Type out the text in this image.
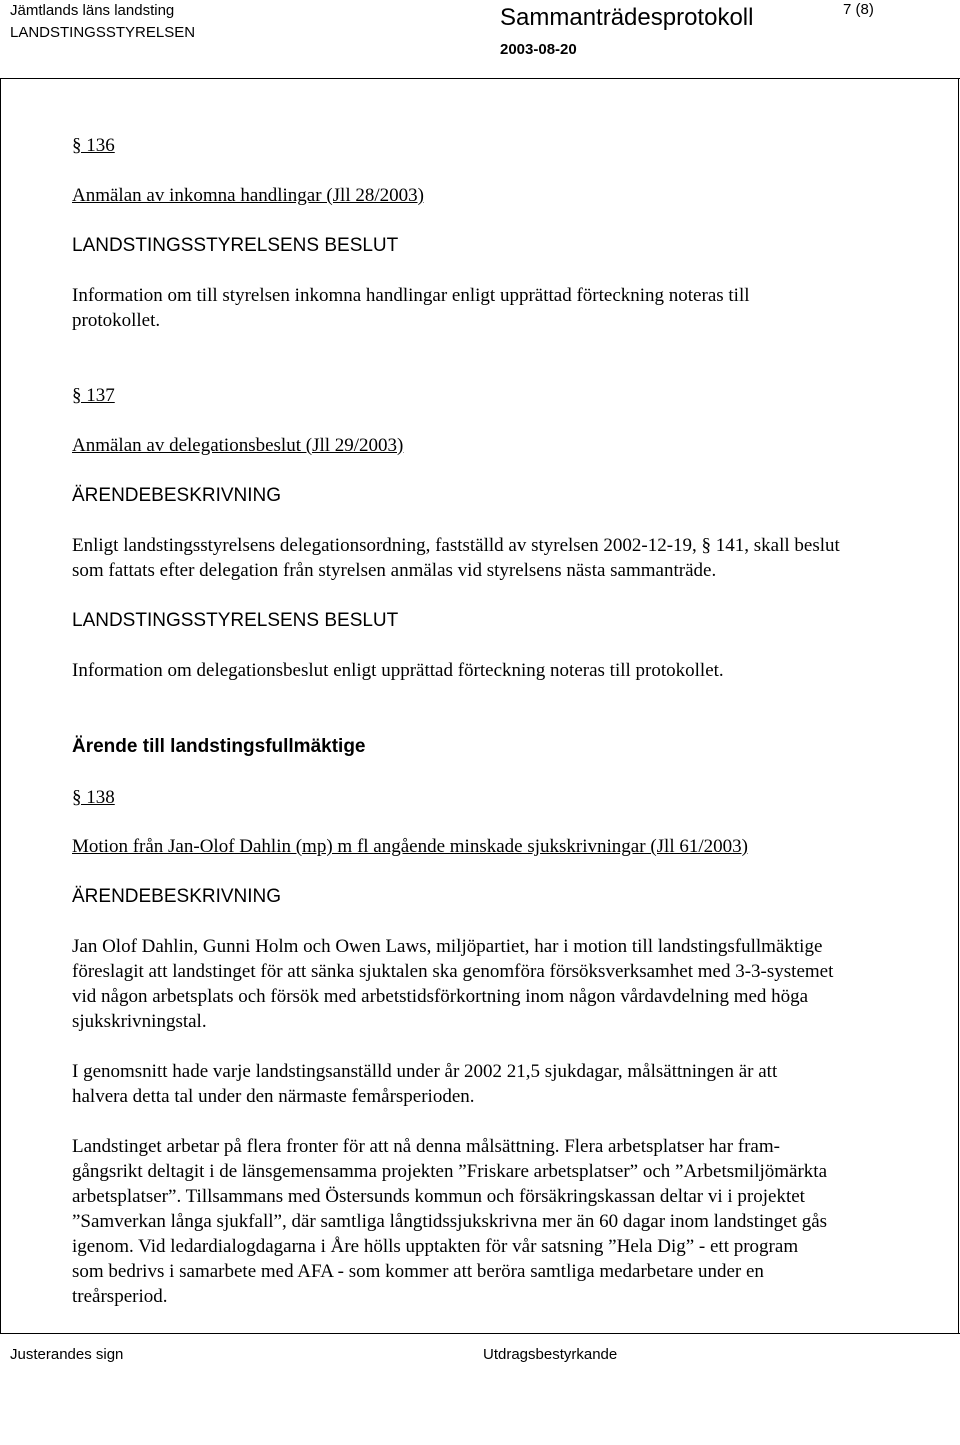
Jämtlands läns landsting
LANDSTINGSSTYRELSEN
Sammanträdesprotokoll
2003-08-20
7 (8)
§ 136
Anmälan av inkomna handlingar (Jll 28/2003)
LANDSTINGSSTYRELSENS BESLUT
Information om till styrelsen inkomna handlingar enligt upprättad förteckning noteras till
protokollet.
§ 137
Anmälan av delegationsbeslut (Jll 29/2003)
ÄRENDEBESKRIVNING
Enligt landstingsstyrelsens delegationsordning, fastställd av styrelsen 2002-12-19, § 141, skall beslut
som fattats efter delegation från styrelsen anmälas vid styrelsens nästa sammanträde.
LANDSTINGSSTYRELSENS BESLUT
Information om delegationsbeslut enligt upprättad förteckning noteras till protokollet.
Ärende till landstingsfullmäktige
§ 138
Motion från Jan-Olof Dahlin (mp) m fl angående minskade sjukskrivningar (Jll 61/2003)
ÄRENDEBESKRIVNING
Jan Olof Dahlin, Gunni Holm och Owen Laws, miljöpartiet, har i motion till landstingsfullmäktige
föreslagit att landstinget för att sänka sjuktalen ska genomföra försöksverksamhet med 3-3-systemet
vid någon arbetsplats och försök med arbetstidsförkortning inom någon vårdavdelning med höga
sjukskrivningstal.
I genomsnitt hade varje landstingsanställd under år 2002 21,5 sjukdagar, målsättningen är att
halvera detta tal under den närmaste femårsperioden.
Landstinget arbetar på flera fronter för att nå denna målsättning. Flera arbetsplatser har fram-
gångsrikt deltagit i de länsgemensamma projekten ”Friskare arbetsplatser” och ”Arbetsmiljömärkta
arbetsplatser”. Tillsammans med Östersunds kommun och försäkringskassan deltar vi i projektet
”Samverkan långa sjukfall”, där samtliga långtidssjukskrivna mer än 60 dagar inom landstinget gås
igenom. Vid ledardialogdagarna i Åre hölls upptakten för vår satsning ”Hela Dig” - ett program
som bedrivs i samarbete med AFA - som kommer att beröra samtliga medarbetare under en
treårsperiod.
Justerandes sign	Utdragsbestyrkande
